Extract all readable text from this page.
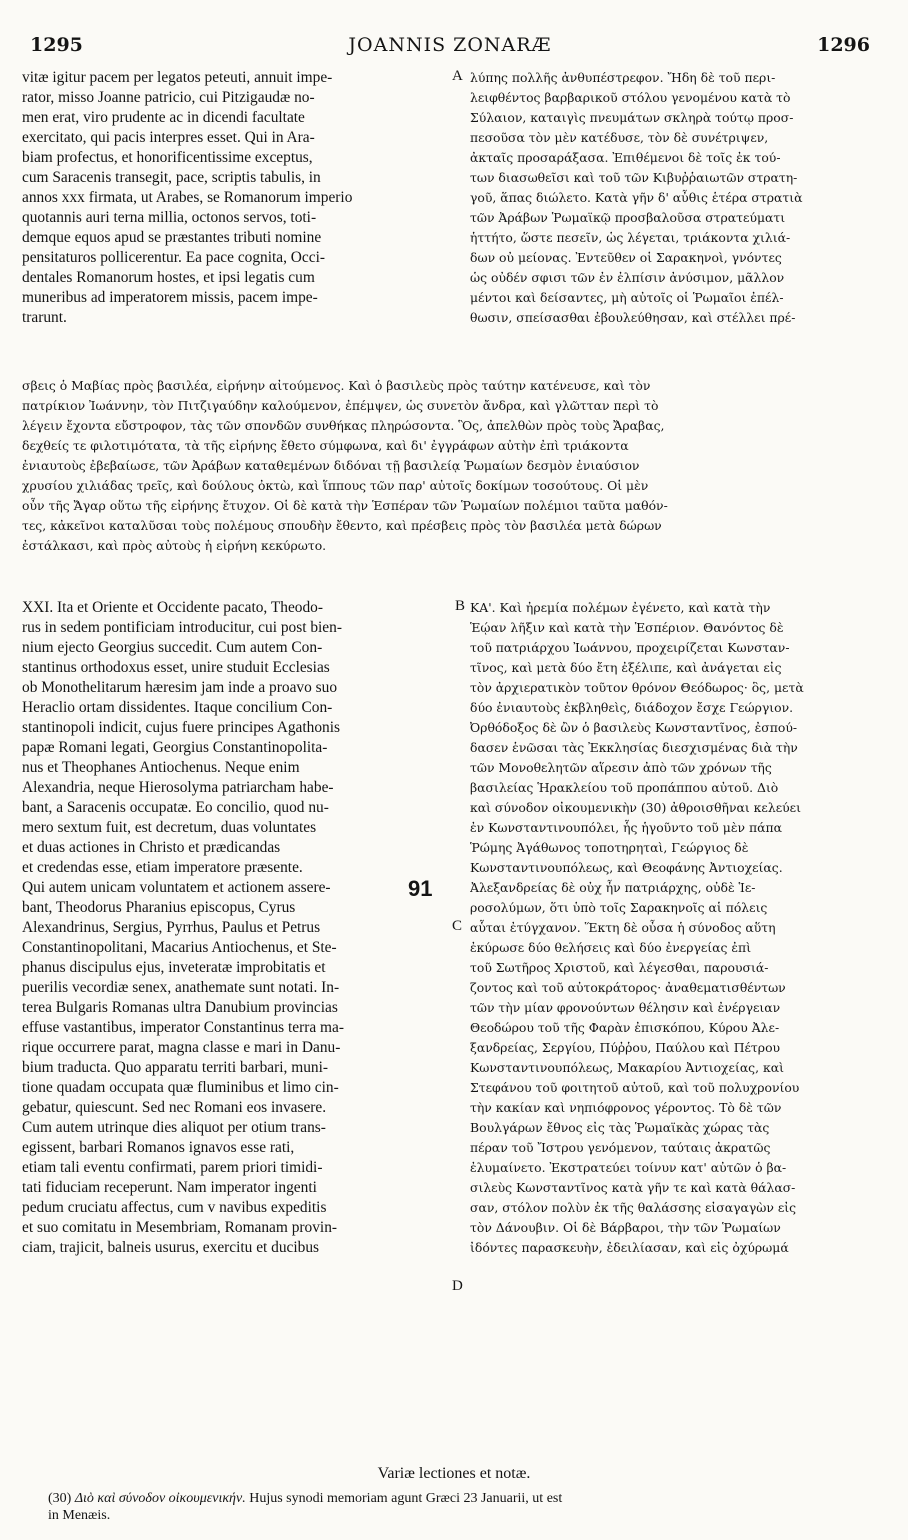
1295	JOANNIS ZONARÆ	1296
vitæ igitur pacem per legatos peteuti, annuit impe-
rator, misso Joanne patricio, cui Pitzigaudæ no-
men erat, viro prudente ac in dicendi facultate
exercitato, qui pacis interpres esset. Qui in Ara-
biam profectus, et honorificentissime exceptus,
cum Saracenis transegit, pace, scriptis tabulis, in
annos xxx firmata, ut Arabes, se Romanorum imperio
quotannis auri terna millia, octonos servos, toti-
demque equos apud se præstantes tributi nomine
pensitaturos pollicerentur. Ea pace cognita, Occi-
dentales Romanorum hostes, et ipsi legatis cum
muneribus ad imperatorem missis, pacem impe-
trarunt.
A λύπης πολλῆς ἀνθυπέστρεφον. Ἤδη δὲ τοῦ περι-
λειφθέντος βαρβαρικοῦ στόλου γενομένου κατὰ τὸ
Σύλαιον, καταιγὶς πνευμάτων σκληρὰ τούτῳ προσ-
πεσοῦσα τὸν μὲν κατέδυσε, τὸν δὲ συνέτριψεν,
ἀκταῖς προσαράξασα. Ἐπιθέμενοι δὲ τοῖς ἐκ τού-
των διασωθεῖσι καὶ τοῦ τῶν Κιβυῤῥαιωτῶν στρατη-
γοῦ, ἅπας διώλετο. Κατὰ γῆν δ' αὖθις ἑτέρα στρατιὰ
τῶν Ἀράβων Ῥωμαϊκῷ προσβαλοῦσα στρατεύματι
ἡττήτο, ὥστε πεσεῖν, ὡς λέγεται, τριάκοντα χιλιά-
δων οὐ μείονας. Ἐντεῦθεν οἱ Σαρακηνοὶ, γνόντες
ὡς οὐδέν σφισι τῶν ἐν ἐλπίσιν ἀνύσιμον, μᾶλλον
μέντοι καὶ δείσαντες, μὴ αὐτοῖς οἱ Ῥωμαῖοι ἐπέλ-
θωσιν, σπείσασθαι ἐβουλεύθησαν, καὶ στέλλει πρέ-
σβεις ὁ Μαβίας πρὸς βασιλέα, εἰρήνην αἰτούμενος. Καὶ ὁ βασιλεὺς πρὸς ταύτην κατένευσε, καὶ τὸν
πατρίκιον Ἰωάννην, τὸν Πιτζιγαύδην καλούμενον, ἐπέμψεν, ὡς συνετὸν ἄνδρα, καὶ γλῶτταν περὶ τὸ
λέγειν ἔχοντα εὔστροφον, τὰς τῶν σπονδῶν συνθήκας πληρώσοντα. Ὃς, ἀπελθὼν πρὸς τοὺς Ἄραβας,
δεχθείς τε φιλοτιμότατα, τὰ τῆς εἰρήνης ἔθετο σύμφωνα, καὶ δι' ἐγγράφων αὐτὴν ἐπὶ τριάκοντα
ἐνιαυτοὺς ἐβεβαίωσε, τῶν Ἀράβων καταθεμένων διδόναι τῇ βασιλείᾳ Ῥωμαίων δεσμὸν ἐνιαύσιον
χρυσίου χιλιάδας τρεῖς, καὶ δούλους ὀκτὼ, καὶ ἵππους τῶν παρ' αὐτοῖς δοκίμων τοσούτους. Οἱ μὲν
οὖν τῆς Ἄγαρ οὕτω τῆς εἰρήνης ἔτυχον. Οἱ δὲ κατὰ τὴν Ἑσπέραν τῶν Ῥωμαίων πολέμιοι ταῦτα μαθόν-
τες, κἀκεῖνοι καταλῦσαι τοὺς πολέμους σπουδὴν ἔθεντο, καὶ πρέσβεις πρὸς τὸν βασιλέα μετὰ δώρων
ἐστάλκασι, καὶ πρὸς αὐτοὺς ἡ εἰρήνη κεκύρωτο.
XXI. Ita et Oriente et Occidente pacato, Theodo-
rus in sedem pontificiam introducitur, cui post bien-
nium ejecto Georgius succedit. Cum autem Con-
stantinus orthodoxus esset, unire studuit Ecclesias
ob Monothelitarum hæresim jam inde a proavo suo
Heraclio ortam dissidentes. Itaque concilium Con-
stantinopoli indicit, cujus fuere principes Agathonis
papæ Romani legati, Georgius Constantinopolita-
nus et Theophanes Antiochenus. Neque enim
Alexandria, neque Hierosolyma patriarcham habe-
bant, a Saracenis occupatæ. Eo concilio, quod nu-
mero sextum fuit, est decretum, duas voluntates
et duas actiones in Christo et prædicandas
et credendas esse, etiam imperatore præsente.
Qui autem unicam voluntatem et actionem assere-
bant, Theodorus Pharanius episcopus, Cyrus
Alexandrinus, Sergius, Pyrrhus, Paulus et Petrus
Constantinopolitani, Macarius Antiochenus, et Ste-
phanus discipulus ejus, inveteratæ improbitatis et
puerilis vecordiæ senex, anathemate sunt notati. In-
terea Bulgaris Romanas ultra Danubium provincias
effuse vastantibus, imperator Constantinus terra ma-
rique occurrere parat, magna classe e mari in Danu-
bium traducta. Quo apparatu territi barbari, muni-
tione quadam occupata quæ fluminibus et limo cin-
gebatur, quiescunt. Sed nec Romani eos invasere.
Cum autem utrinque dies aliquot per otium trans-
egissent, barbari Romanos ignavos esse rati,
etiam tali eventu confirmati, parem priori timidi-
tati fiduciam receperunt. Nam imperator ingenti
pedum cruciatu affectus, cum v navibus expeditis
et suo comitatu in Mesembriam, Romanam provin-
ciam, trajicit, balneis usurus, exercitu et ducibus
B
C
D
91
ΚΑ'. Καὶ ἠρεμία πολέμων ἐγένετο, καὶ κατὰ τὴν
Ἑῴαν λῆξιν καὶ κατὰ τὴν Ἑσπέριον. Θανόντος δὲ
τοῦ πατριάρχου Ἰωάννου, προχειρίζεται Κωνσταν-
τῖνος, καὶ μετὰ δύο ἔτη ἐξέλιπε, καὶ ἀνάγεται εἰς
τὸν ἀρχιερατικὸν τοῦτον θρόνον Θεόδωρος· ὃς, μετὰ
δύο ἐνιαυτοὺς ἐκβληθεὶς, διάδοχον ἔσχε Γεώργιον.
Ὀρθόδοξος δὲ ὢν ὁ βασιλεὺς Κωνσταντῖνος, ἐσπού-
δασεν ἑνῶσαι τὰς Ἐκκλησίας διεσχισμένας διὰ τὴν
τῶν Μονοθελητῶν αἵρεσιν ἀπὸ τῶν χρόνων τῆς
βασιλείας Ἡρακλείου τοῦ προπάππου αὐτοῦ. Διὸ
καὶ σύνοδον οἰκουμενικὴν (30) ἀθροισθῆναι κελεύει
ἐν Κωνσταντινουπόλει, ἧς ἡγοῦντο τοῦ μὲν πάπα
Ῥώμης Ἀγάθωνος τοποτηρηταὶ, Γεώργιος δὲ
Κωνσταντινουπόλεως, καὶ Θεοφάνης Ἀντιοχείας.
Ἀλεξανδρείας δὲ οὐχ ἦν πατριάρχης, οὐδὲ Ἱε-
ροσολύμων, ὅτι ὑπὸ τοῖς Σαρακηνοῖς αἱ πόλεις
αὗται ἐτύγχανον. Ἕκτη δὲ οὖσα ἡ σύνοδος αὕτη
ἐκύρωσε δύο θελήσεις καὶ δύο ἐνεργείας ἐπὶ
τοῦ Σωτῆρος Χριστοῦ, καὶ λέγεσθαι, παρουσιά-
ζοντος καὶ τοῦ αὐτοκράτορος· ἀναθεματισθέντων
τῶν τὴν μίαν φρονούντων θέλησιν καὶ ἐνέργειαν
Θεοδώρου τοῦ τῆς Φαρὰν ἐπισκόπου, Κύρου Ἀλε-
ξανδρείας, Σεργίου, Πύῤῥου, Παύλου καὶ Πέτρου
Κωνσταντινουπόλεως, Μακαρίου Ἀντιοχείας, καὶ
Στεφάνου τοῦ φοιτητοῦ αὐτοῦ, καὶ τοῦ πολυχρονίου
τὴν κακίαν καὶ νηπιόφρονος γέροντος. Τὸ δὲ τῶν
Βουλγάρων ἔθνος εἰς τὰς Ῥωμαϊκὰς χώρας τὰς
πέραν τοῦ Ἴστρου γενόμενον, ταύταις ἀκρατῶς
ἐλυμαίνετο. Ἐκστρατεύει τοίνυν κατ' αὐτῶν ὁ βα-
σιλεὺς Κωνσταντῖνος κατὰ γῆν τε καὶ κατὰ θάλασ-
σαν, στόλον πολὺν ἐκ τῆς θαλάσσης εἰσαγαγὼν εἰς
τὸν Δάνουβιν. Οἱ δὲ Βάρβαροι, τὴν τῶν Ῥωμαίων
ἰδόντες παρασκευὴν, ἐδειλίασαν, καὶ εἰς ὀχύρωμά
Variæ lectiones et notæ.
(30) Διὸ καὶ σύνοδον οἰκουμενικήν. Hujus synodi memoriam agunt Græci 23 Januarii, ut est
in Menæis.
